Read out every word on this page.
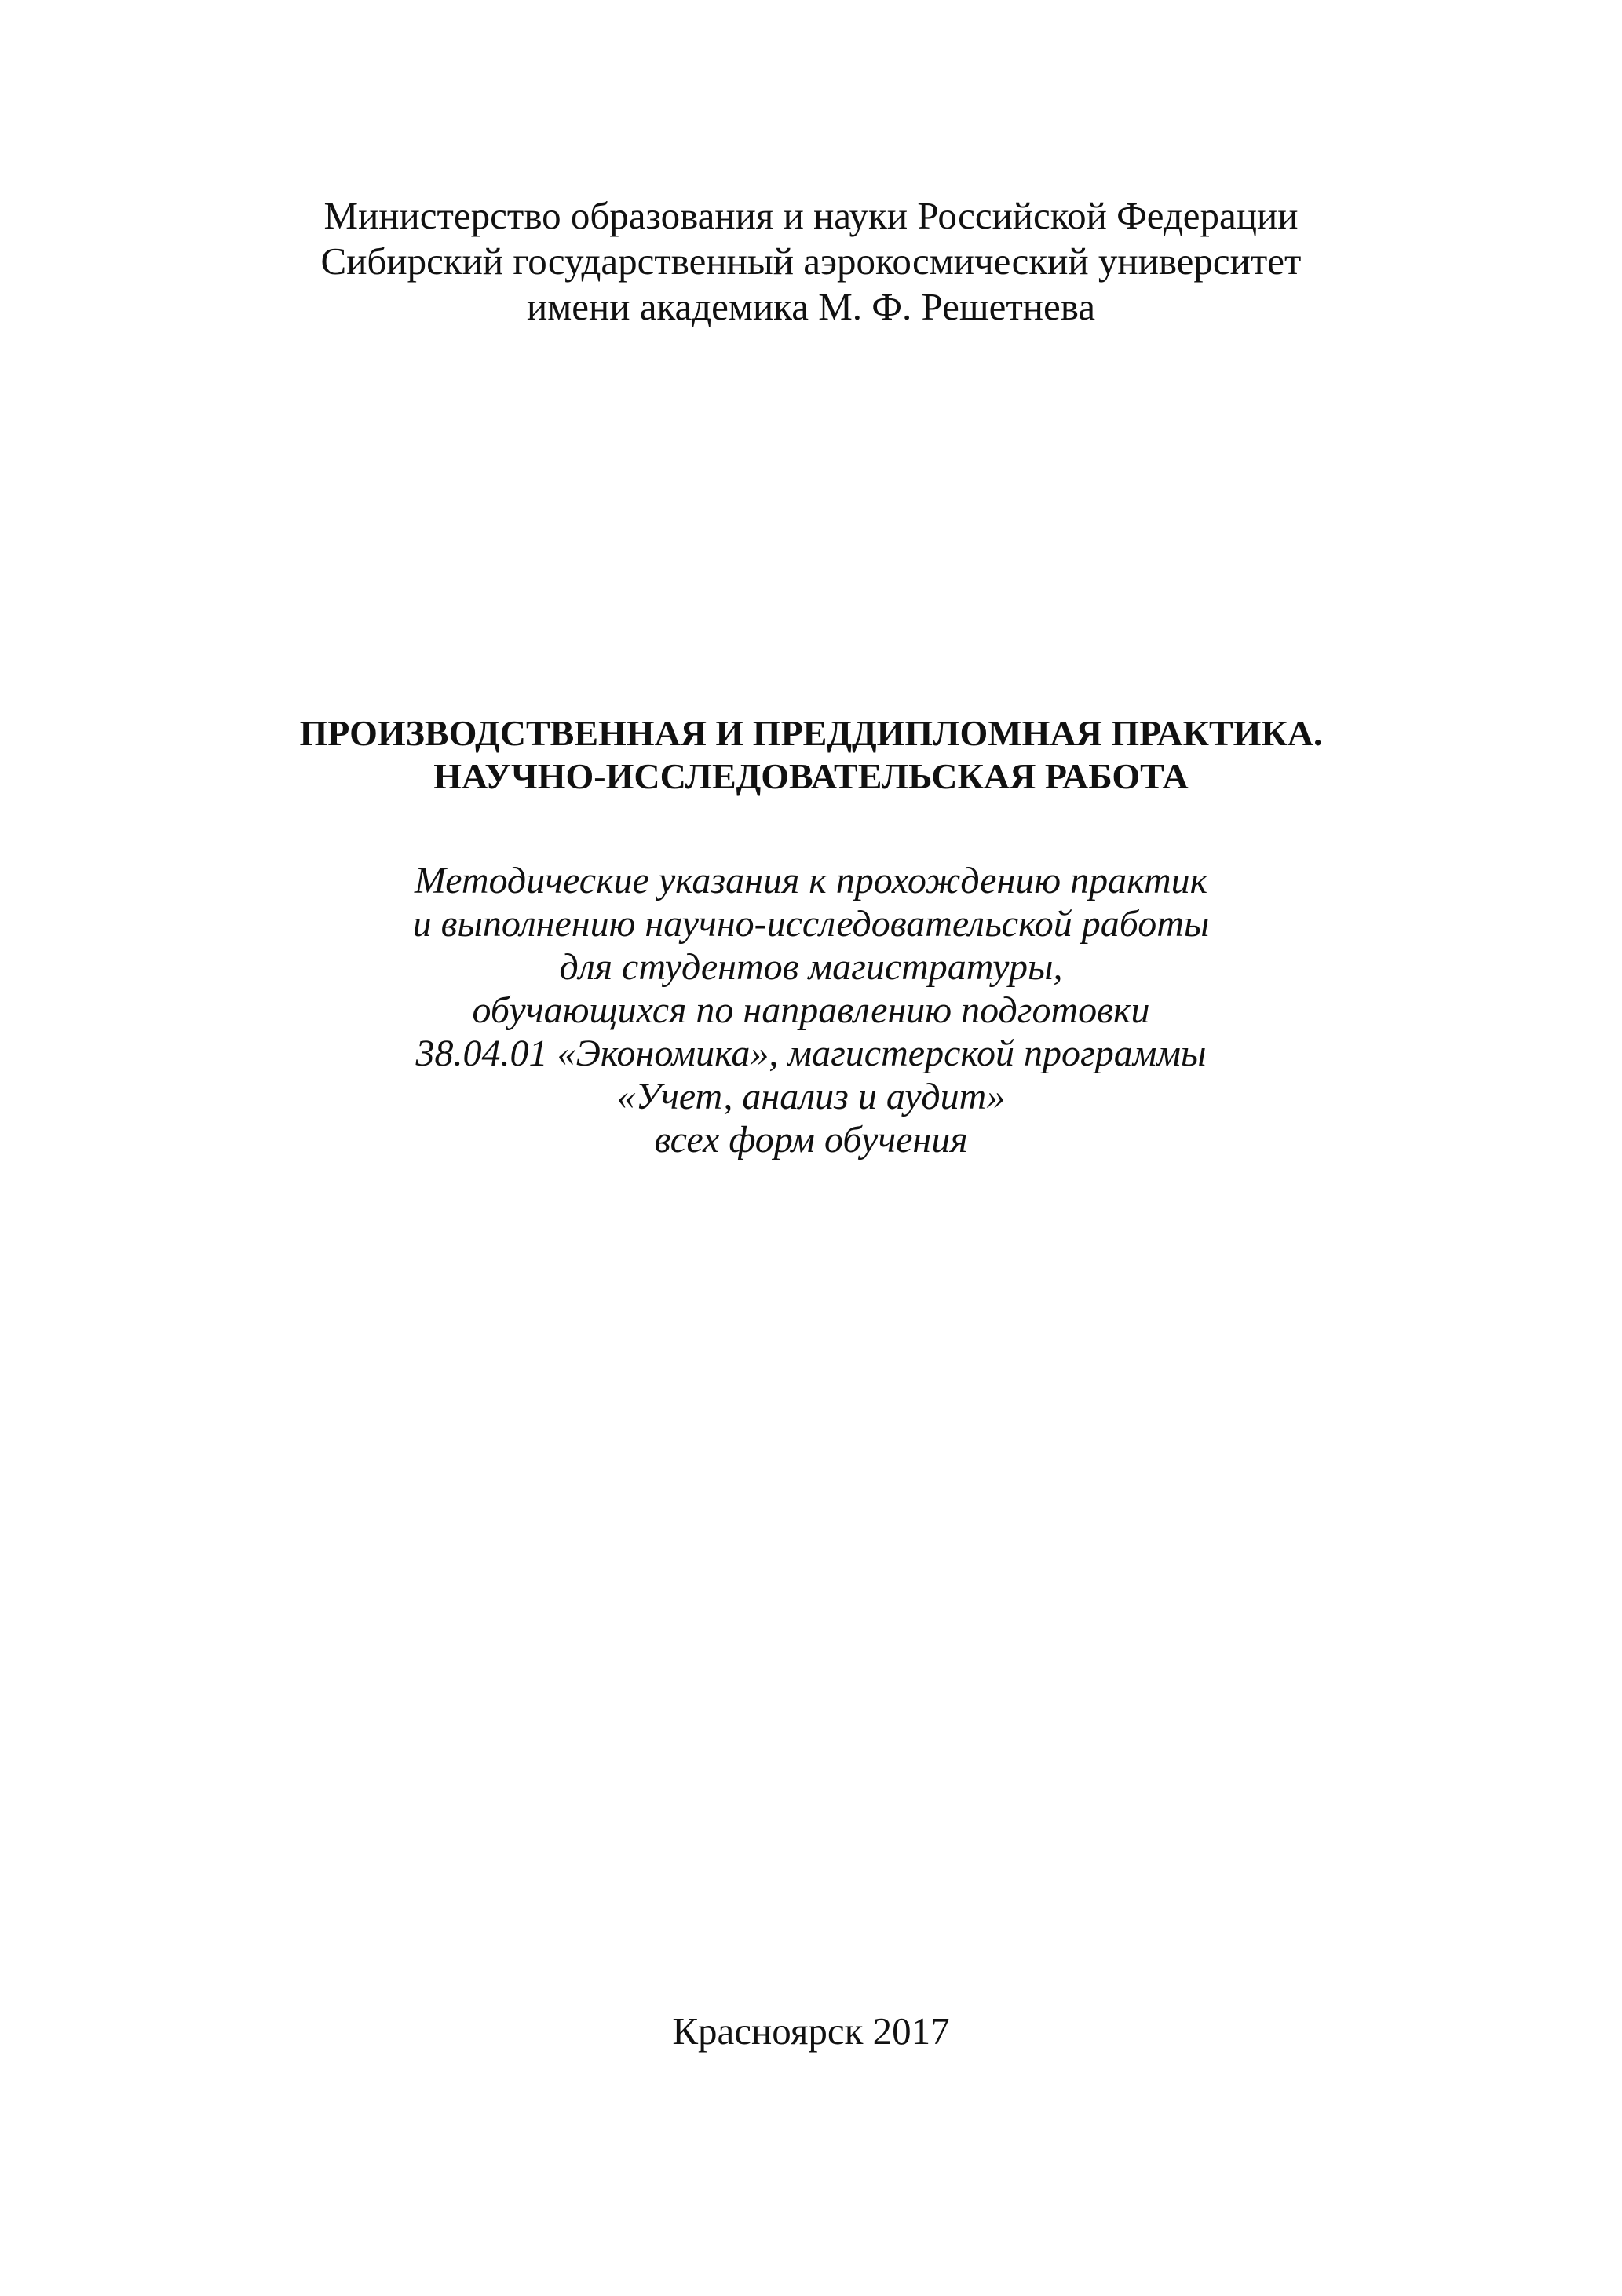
Министерство образования и науки Российской Федерации
Сибирский государственный аэрокосмический университет
имени академика М. Ф. Решетнева
ПРОИЗВОДСТВЕННАЯ И ПРЕДДИПЛОМНАЯ ПРАКТИКА.
НАУЧНО-ИССЛЕДОВАТЕЛЬСКАЯ РАБОТА
Методические указания к прохождению практик
и выполнению научно-исследовательской работы
для студентов магистратуры,
обучающихся по направлению подготовки
38.04.01 «Экономика», магистерской программы
«Учет, анализ и аудит»
всех форм обучения
Красноярск 2017
